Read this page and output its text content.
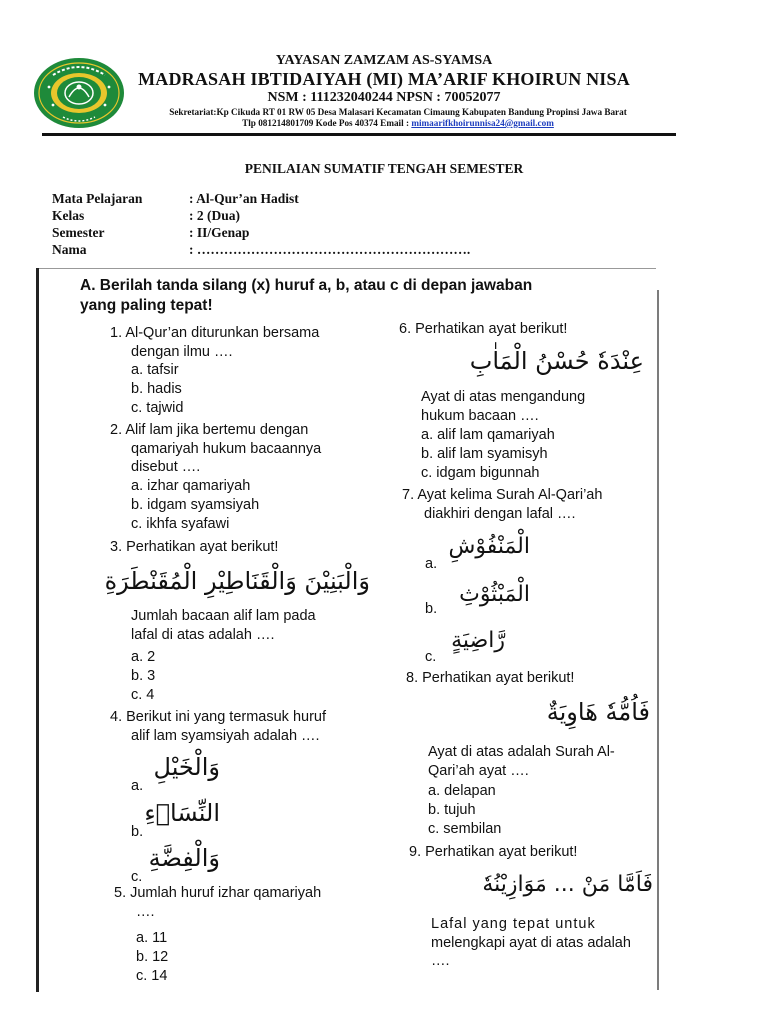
YAYASAN ZAMZAM AS-SYAMSA
MADRASAH IBTIDAIYAH (MI) MA’ARIF KHOIRUN NISA
NSM : 111232040244 NPSN : 70052077
Sekretariat:Kp Cikuda RT 01 RW 05 Desa Malasari Kecamatan Cimaung Kabupaten Bandung Propinsi Jawa Barat
Tlp 081214801709 Kode Pos 40374 Email : mimaarifkhoirunnisa24@gmail.com
PENILAIAN SUMATIF TENGAH SEMESTER
Mata Pelajaran	: Al-Qur’an Hadist
Kelas	: 2 (Dua)
Semester	: II/Genap
Nama	: …………………………………………………….
A. Berilah tanda silang (x) huruf a, b, atau c di depan jawaban
yang paling tepat!
1. Al-Qur’an diturunkan bersama
dengan ilmu ….
a. tafsir
b. hadis
c. tajwid
2. Alif lam jika bertemu dengan
qamariyah hukum bacaannya
disebut ….
a. izhar qamariyah
b. idgam syamsiyah
c. ikhfa syafawi
3. Perhatikan ayat berikut!
وَالْبَنِيْنَ وَالْقَنَاطِيْرِ الْمُقَنْطَرَةِ
Jumlah bacaan alif lam pada
lafal di atas adalah ….
a. 2
b. 3
c. 4
4. Berikut ini yang termasuk huruf
alif lam syamsiyah adalah ….
a.
وَالْخَيْلِ
b.
النِّسَاۤءِ
c.
وَالْفِضَّةِ
5. Jumlah huruf izhar qamariyah
….
a. 11
b. 12
c. 14
6. Perhatikan ayat berikut!
عِنْدَهٗ حُسْنُ الْمَاٰبِ
Ayat di atas mengandung
hukum bacaan ….
a. alif lam qamariyah
b. alif lam syamisyh
c. idgam bigunnah
7. Ayat kelima Surah Al-Qari’ah
diakhiri dengan lafal ….
a.
الْمَنْفُوْشِ
b.
الْمَبْثُوْثِ
c.
رَّاضِيَةٍ
8. Perhatikan ayat berikut!
فَاُمُّهٗ هَاوِيَةٌ
Ayat di atas adalah Surah Al-
Qari’ah ayat ….
a. delapan
b. tujuh
c. sembilan
9. Perhatikan ayat berikut!
فَاَمَّا مَنْ ... مَوَازِيْنُهٗ
Lafal yang tepat untuk
melengkapi ayat di atas adalah
….
